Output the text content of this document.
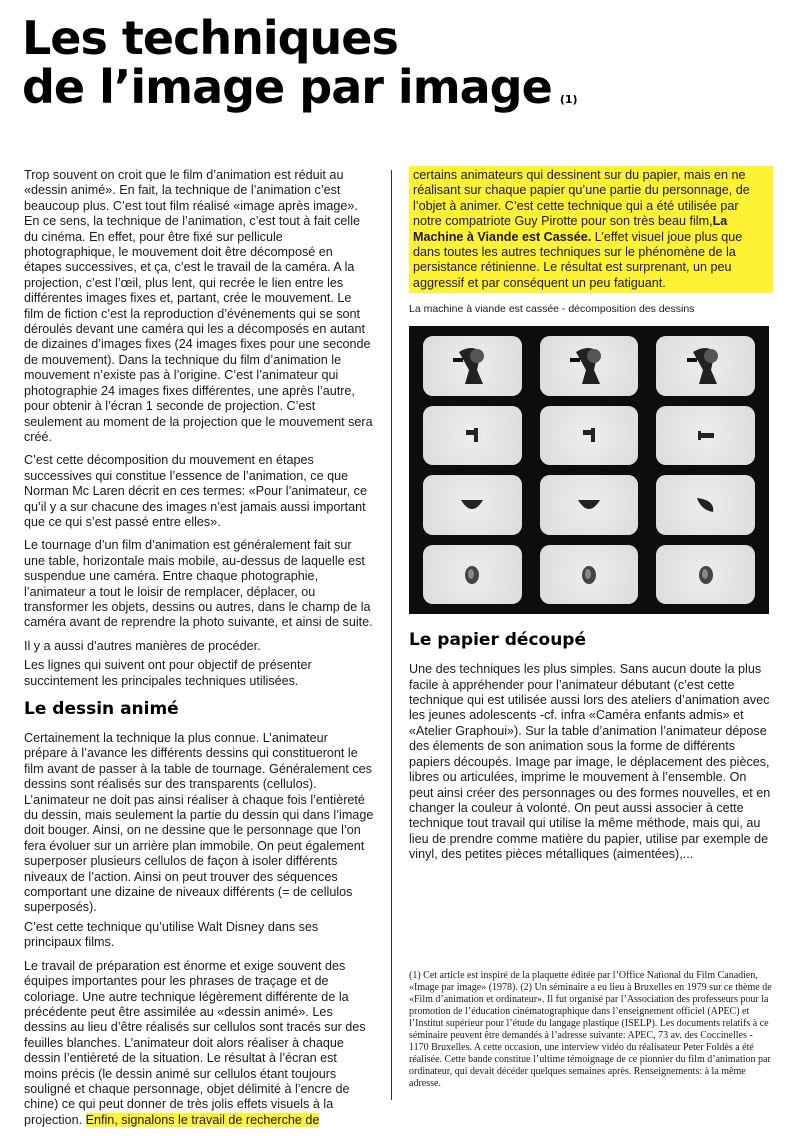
Les techniques
de l’image par image (1)

Trop souvent on croit que le film d’animation est réduit au «dessin animé». En fait, la technique de l’animation c’est beaucoup plus. C’est tout film réalisé «image après image». En ce sens, la technique de l’animation, c’est tout à fait celle du cinéma. En effet, pour être fixé sur pellicule photographique, le mouvement doit être décomposé en étapes successives, et ça, c’est le travail de la caméra. A la projection, c’est l’œil, plus lent, qui recrée le lien entre les différentes images fixes et, partant, crée le mouvement. Le film de fiction c’est la reproduction d’événements qui se sont déroulés devant une caméra qui les a décomposés en autant de dizaines d’images fixes (24 images fixes pour une seconde de mouvement). Dans la technique du film d’animation le mouvement n’existe pas à l’origine. C’est l’animateur qui photographie 24 images fixes différentes, une après l’autre, pour obtenir à l’écran 1 seconde de projection. C’est seulement au moment de la projection que le mouvement sera créé.

C’est cette décomposition du mouvement en étapes successives qui constitue l’essence de l’animation, ce que Norman Mc Laren décrit en ces termes: «Pour l’animateur, ce qu’il y a sur chacune des images n’est jamais aussi important que ce qui s’est passé entre elles».

Le tournage d’un film d’animation est généralement fait sur une table, horizontale mais mobile, au-dessus de laquelle est suspendue une caméra. Entre chaque photographie, l’animateur a tout le loisir de remplacer, déplacer, ou transformer les objets, dessins ou autres, dans le champ de la caméra avant de reprendre la photo suivante, et ainsi de suite.

Il y a aussi d’autres manières de procéder.

Les lignes qui suivent ont pour objectif de présenter succintement les principales techniques utilisées.

Le dessin animé

Certainement la technique la plus connue. L’animateur prépare à l’avance les différents dessins qui constitueront le film avant de passer à la table de tournage. Généralement ces dessins sont réalisés sur des transparents (cellulos). L’animateur ne doit pas ainsi réaliser à chaque fois l’entièreté du dessin, mais seulement la partie du dessin qui dans l’image doit bouger. Ainsi, on ne dessine que le personnage que l’on fera évoluer sur un arrière plan immobile. On peut également superposer plusieurs cellulos de façon à isoler différents niveaux de l’action. Ainsi on peut trouver des séquences comportant une dizaine de niveaux différents (= de cellulos superposés).

C’est cette technique qu’utilise Walt Disney dans ses principaux films.

Le travail de préparation est énorme et exige souvent des équipes importantes pour les phrases de traçage et de coloriage. Une autre technique légèrement différente de la précédente peut être assimilée au «dessin animé». Les dessins au lieu d’être réalisés sur cellulos sont tracés sur des feuilles blanches. L’animateur doit alors réaliser à chaque dessin l’entièreté de la situation. Le résultat à l’écran est moins précis (le dessin animé sur cellulos étant toujours souligné et chaque personnage, objet délimité à l’encre de chine) ce qui peut donner de très jolis effets visuels à la projection. Enfin, signalons le travail de recherche de

certains animateurs qui dessinent sur du papier, mais en ne réalisant sur chaque papier qu’une partie du personnage, de l’objet à animer. C’est cette technique qui a été utilisée par notre compatriote Guy Pirotte pour son très beau film,La Machine à Viande est Cassée. L’effet visuel joue plus que dans toutes les autres techniques sur le phénomène de la persistance rétinienne. Le résultat est surprenant, un peu aggressif et par conséquent un peu fatiguant.
La machine à viande est cassée - décomposition des dessins
Le papier découpé

Une des techniques les plus simples. Sans aucun doute la plus facile à appréhender pour l’animateur débutant (c’est cette technique qui est utilisée aussi lors des ateliers d’animation avec les jeunes adolescents -cf. infra «Caméra enfants admis» et «Atelier Graphoui»). Sur la table d’animation l’animateur dépose des élements de son animation sous la forme de différents papiers découpés. Image par image, le déplacement des pièces, libres ou articulées, imprime le mouvement à l’ensemble. On peut ainsi créer des personnages ou des formes nouvelles, et en changer la couleur à volonté. On peut aussi associer à cette technique tout travail qui utilise la même méthode, mais qui, au lieu de prendre comme matière du papier, utilise par exemple de vinyl, des petites pièces métalliques (aimentées),...

(1) Cet article est inspiré de la plaquette éditée par l’Office National du Film Canadien, «Image par image» (1978). (2) Un séminaire a eu lieu à Bruxelles en 1979 sur ce thème de «Film d’animation et ordinateur». Il fut organisé par l’Association des professeurs pour la promotion de l’éducation cinématographique dans l’enseignement officiel (APEC) et l’Institut supérieur pour l’étude du langage plastique (ISELP). Les documents relatifs à ce séminaire peuvent être demandés à l’adresse suivante: APEC, 73 av. des Coccinelles - 1170 Bruxelles. A cette occasion, une interview vidéo du réalisateur Peter Foldès a été réalisée. Cette bande constitue l’ultime témoignage de ce pionnier du film d’animation par ordinateur, qui devait décéder quelques semaines après. Renseignements: à la même adresse.
